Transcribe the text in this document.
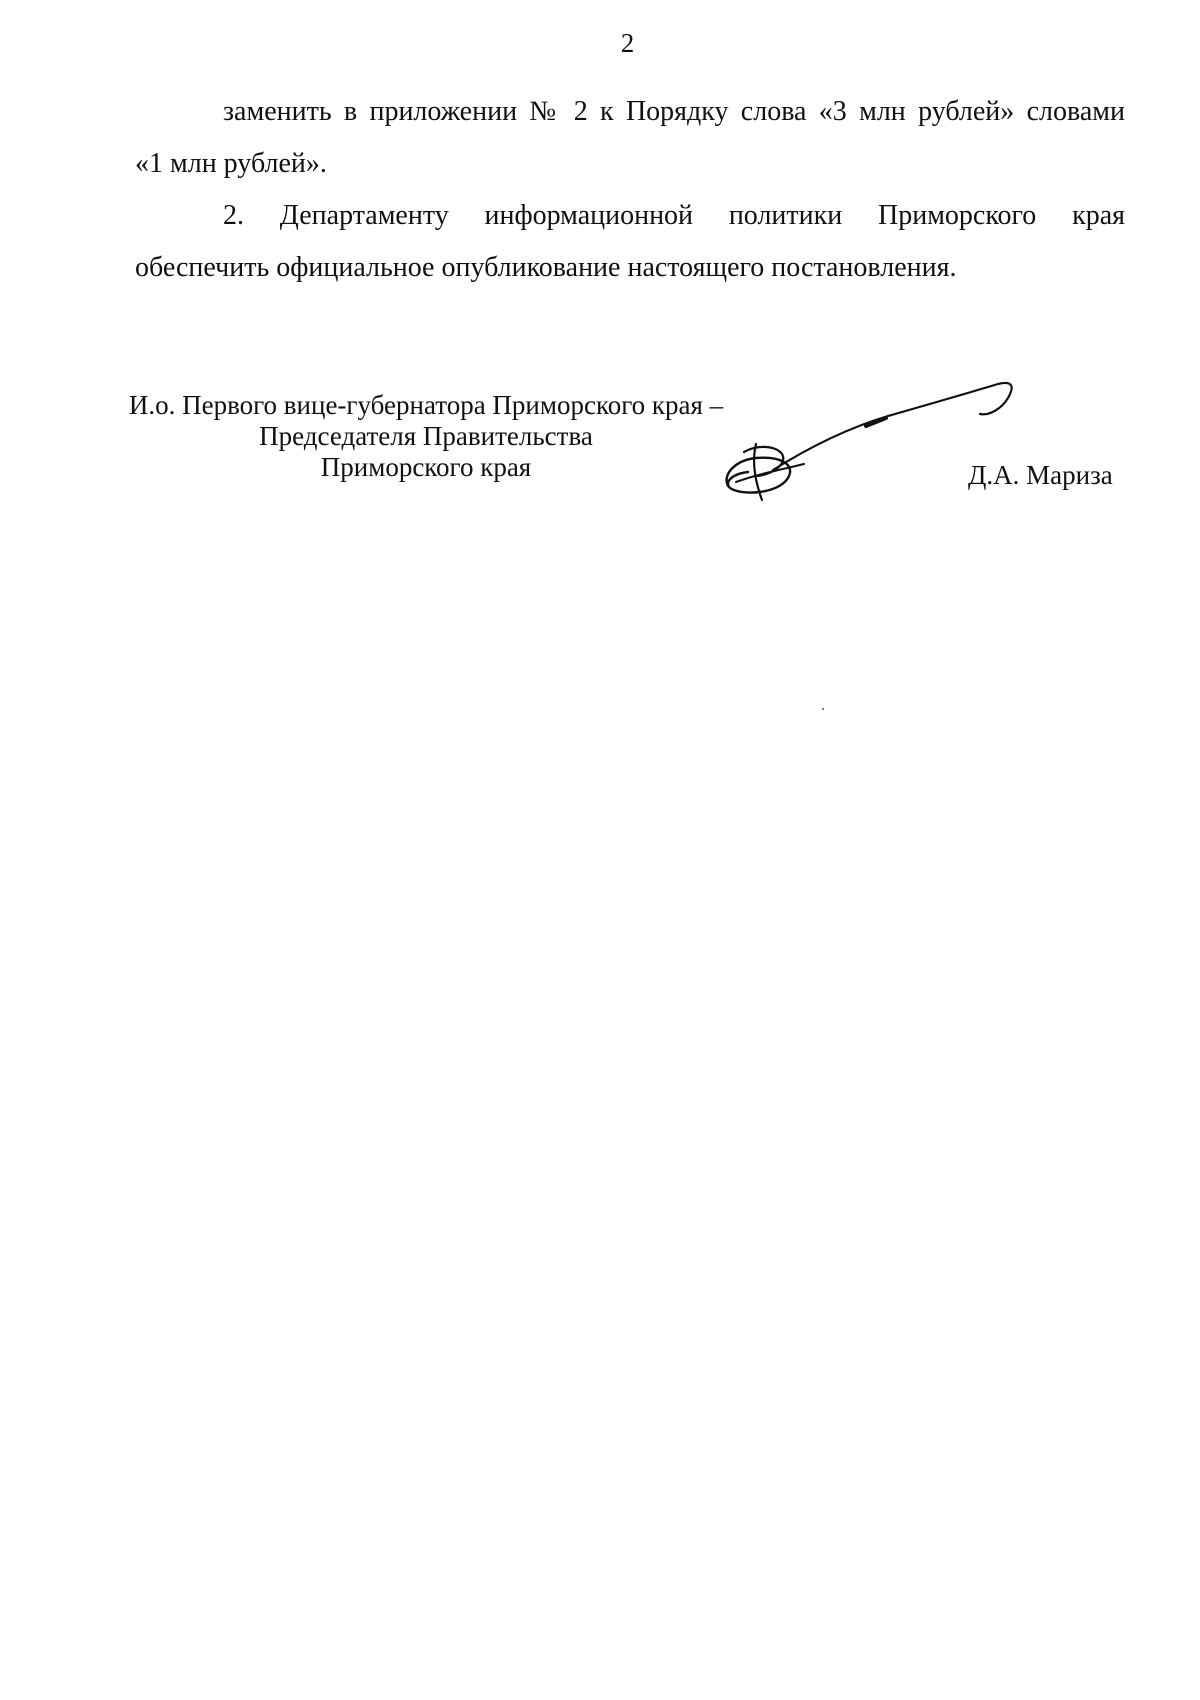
2
заменить в приложении № 2 к Порядку слова «3 млн рублей» словами
«1 млн рублей».
2. Департаменту информационной политики Приморского края
обеспечить официальное опубликование настоящего постановления.
И.о. Первого вице-губернатора Приморского края –
Председателя Правительства
Приморского края	Д.А. Мариза
